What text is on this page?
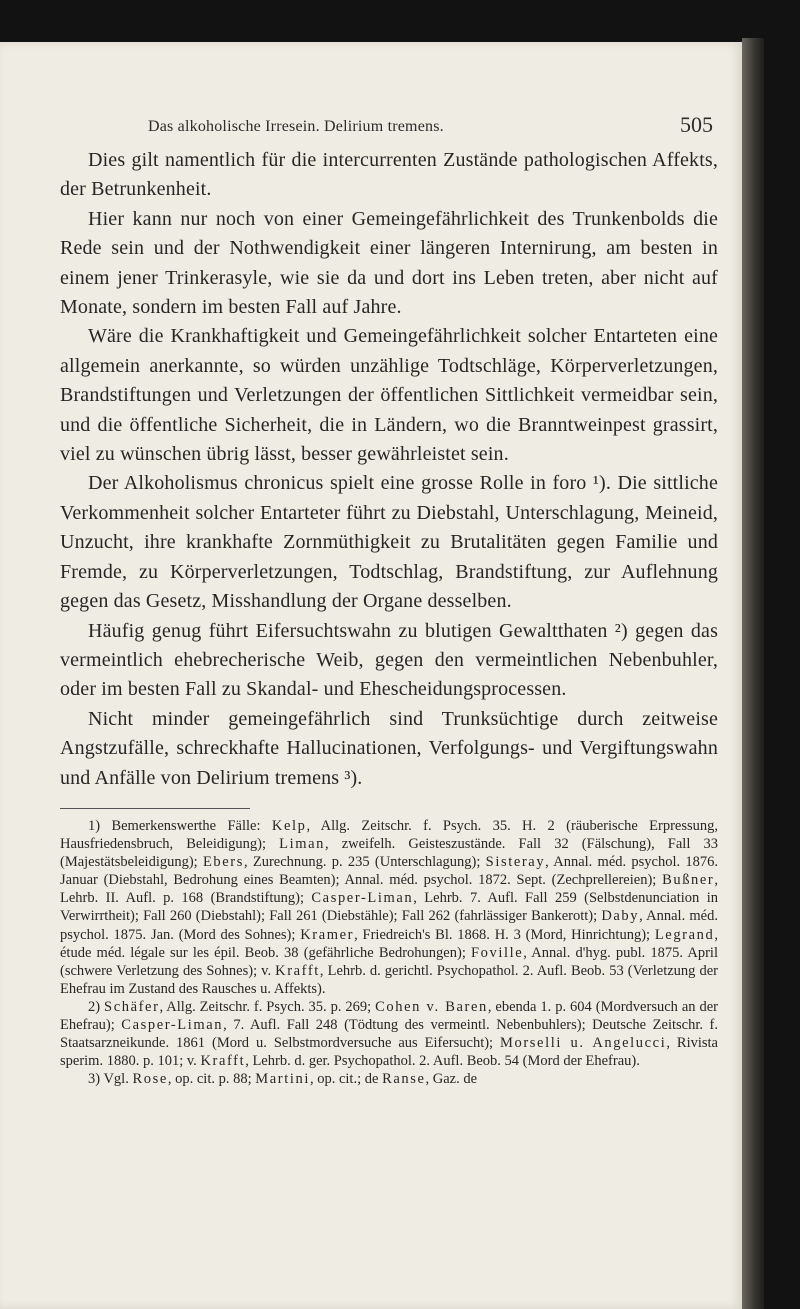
Das alkoholische Irresein. Delirium tremens.	505

Dies gilt namentlich für die intercurrenten Zustände pathologischen Affekts, der Betrunkenheit.

Hier kann nur noch von einer Gemeingefährlichkeit des Trunkenbolds die Rede sein und der Nothwendigkeit einer längeren Internirung, am besten in einem jener Trinkerasyle, wie sie da und dort ins Leben treten, aber nicht auf Monate, sondern im besten Fall auf Jahre.

Wäre die Krankhaftigkeit und Gemeingefährlichkeit solcher Entarteten eine allgemein anerkannte, so würden unzählige Todtschläge, Körperverletzungen, Brandstiftungen und Verletzungen der öffentlichen Sittlichkeit vermeidbar sein, und die öffentliche Sicherheit, die in Ländern, wo die Branntweinpest grassirt, viel zu wünschen übrig lässt, besser gewährleistet sein.

Der Alkoholismus chronicus spielt eine grosse Rolle in foro ¹). Die sittliche Verkommenheit solcher Entarteter führt zu Diebstahl, Unterschlagung, Meineid, Unzucht, ihre krankhafte Zornmüthigkeit zu Brutalitäten gegen Familie und Fremde, zu Körperverletzungen, Todtschlag, Brandstiftung, zur Auflehnung gegen das Gesetz, Misshandlung der Organe desselben.

Häufig genug führt Eifersuchtswahn zu blutigen Gewaltthaten ²) gegen das vermeintlich ehebrecherische Weib, gegen den vermeintlichen Nebenbuhler, oder im besten Fall zu Skandal- und Ehescheidungsprocessen.

Nicht minder gemeingefährlich sind Trunksüchtige durch zeitweise Angstzufälle, schreckhafte Hallucinationen, Verfolgungs- und Vergiftungswahn und Anfälle von Delirium tremens ³).

1) Bemerkenswerthe Fälle: Kelp, Allg. Zeitschr. f. Psych. 35. H. 2 (räuberische Erpressung, Hausfriedensbruch, Beleidigung); Liman, zweifelh. Geisteszustände. Fall 32 (Fälschung), Fall 33 (Majestätsbeleidigung); Ebers, Zurechnung. p. 235 (Unterschlagung); Sisteray, Annal. méd. psychol. 1876. Januar (Diebstahl, Bedrohung eines Beamten); Annal. méd. psychol. 1872. Sept. (Zechprellereien); Bußner, Lehrb. II. Aufl. p. 168 (Brandstiftung); Casper-Liman, Lehrb. 7. Aufl. Fall 259 (Selbstdenunciation in Verwirrtheit); Fall 260 (Diebstahl); Fall 261 (Diebstähle); Fall 262 (fahrlässiger Bankerott); Daby, Annal. méd. psychol. 1875. Jan. (Mord des Sohnes); Kramer, Friedreich's Bl. 1868. H. 3 (Mord, Hinrichtung); Legrand, étude méd. légale sur les épil. Beob. 38 (gefährliche Bedrohungen); Foville, Annal. d'hyg. publ. 1875. April (schwere Verletzung des Sohnes); v. Krafft, Lehrb. d. gerichtl. Psychopathol. 2. Aufl. Beob. 53 (Verletzung der Ehefrau im Zustand des Rausches u. Affekts).

2) Schäfer, Allg. Zeitschr. f. Psych. 35. p. 269; Cohen v. Baren, ebenda 1. p. 604 (Mordversuch an der Ehefrau); Casper-Liman, 7. Aufl. Fall 248 (Tödtung des vermeintl. Nebenbuhlers); Deutsche Zeitschr. f. Staatsarzneikunde. 1861 (Mord u. Selbstmordversuche aus Eifersucht); Morselli u. Angelucci, Rivista sperim. 1880. p. 101; v. Krafft, Lehrb. d. ger. Psychopathol. 2. Aufl. Beob. 54 (Mord der Ehefrau).

3) Vgl. Rose, op. cit. p. 88; Martini, op. cit.; de Ranse, Gaz. de
